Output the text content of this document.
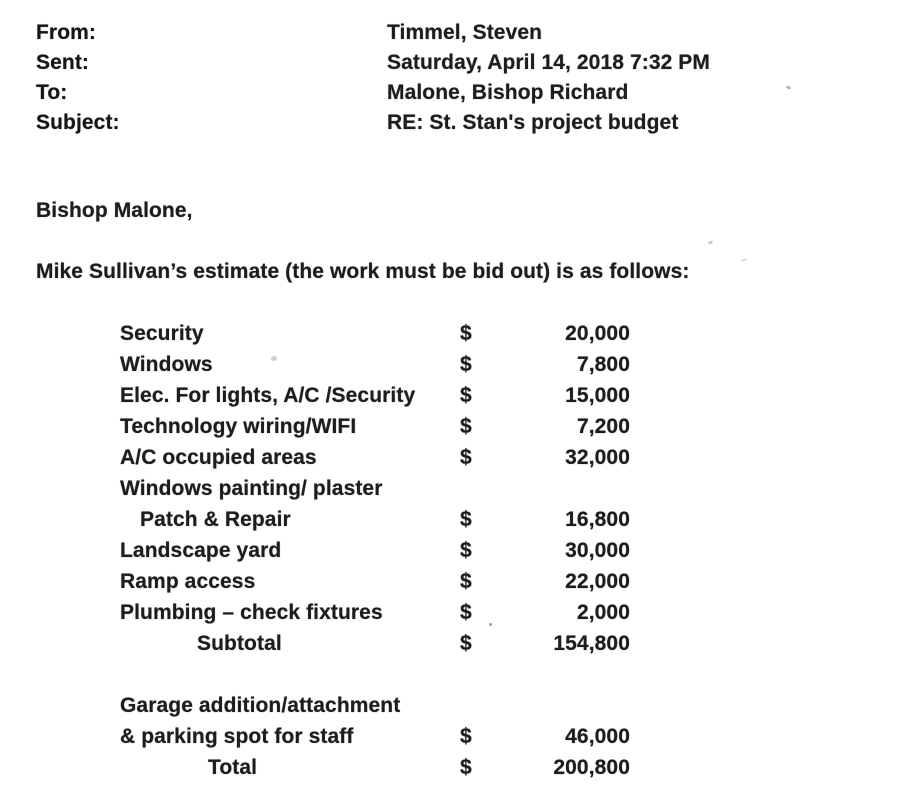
From:	Timmel, Steven
Sent:	Saturday, April 14, 2018 7:32 PM
To:	Malone, Bishop Richard
Subject:	RE: St. Stan's project budget
Bishop Malone,
Mike Sullivan’s estimate (the work must be bid out) is as follows:
Security	$	20,000
Windows	$	7,800
Elec. For lights, A/C /Security	$	15,000
Technology wiring/WIFI	$	7,200
A/C occupied areas	$	32,000
Windows painting/ plaster
Patch & Repair	$	16,800
Landscape yard	$	30,000
Ramp access	$	22,000
Plumbing – check fixtures	$	2,000
Subtotal	$	154,800
Garage addition/attachment
& parking spot for staff	$	46,000
Total	$	200,800
